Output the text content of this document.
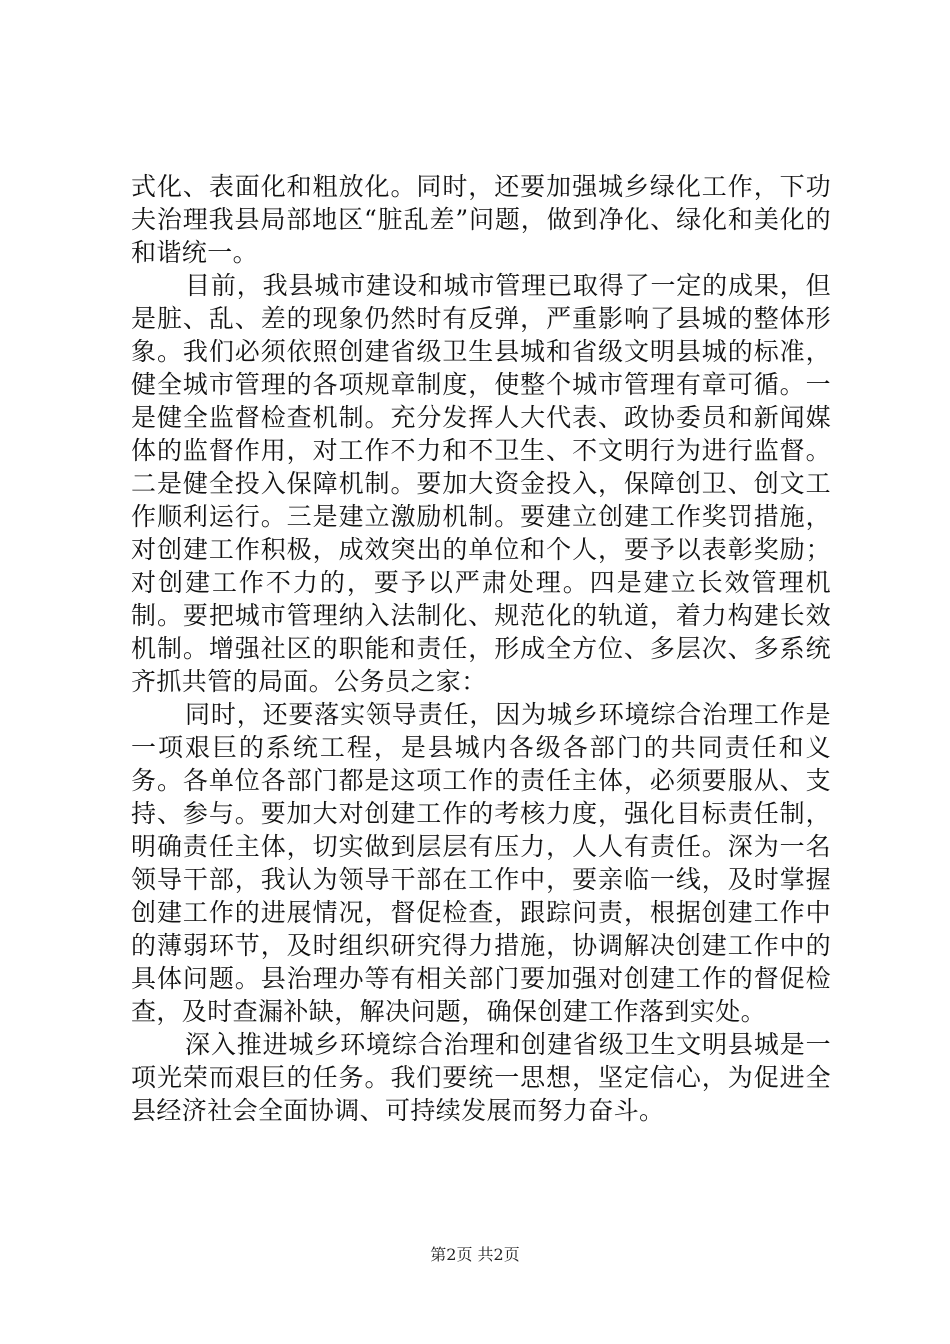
式化、表面化和粗放化。同时，还要加强城乡绿化工作，下功夫治理我县局部地区“脏乱差”问题，做到净化、绿化和美化的和谐统一。

目前，我县城市建设和城市管理已取得了一定的成果，但是脏、乱、差的现象仍然时有反弹，严重影响了县城的整体形象。我们必须依照创建省级卫生县城和省级文明县城的标准，健全城市管理的各项规章制度，使整个城市管理有章可循。一是健全监督检查机制。充分发挥人大代表、政协委员和新闻媒体的监督作用，对工作不力和不卫生、不文明行为进行监督。二是健全投入保障机制。要加大资金投入，保障创卫、创文工作顺利运行。三是建立激励机制。要建立创建工作奖罚措施，对创建工作积极，成效突出的单位和个人，要予以表彰奖励；对创建工作不力的，要予以严肃处理。四是建立长效管理机制。要把城市管理纳入法制化、规范化的轨道，着力构建长效机制。增强社区的职能和责任，形成全方位、多层次、多系统齐抓共管的局面。公务员之家：

同时，还要落实领导责任，因为城乡环境综合治理工作是一项艰巨的系统工程，是县城内各级各部门的共同责任和义务。各单位各部门都是这项工作的责任主体，必须要服从、支持、参与。要加大对创建工作的考核力度，强化目标责任制，明确责任主体，切实做到层层有压力，人人有责任。深为一名领导干部，我认为领导干部在工作中，要亲临一线，及时掌握创建工作的进展情况，督促检查，跟踪问责，根据创建工作中的薄弱环节，及时组织研究得力措施，协调解决创建工作中的具体问题。县治理办等有相关部门要加强对创建工作的督促检查，及时查漏补缺，解决问题，确保创建工作落到实处。

深入推进城乡环境综合治理和创建省级卫生文明县城是一项光荣而艰巨的任务。我们要统一思想，坚定信心，为促进全县经济社会全面协调、可持续发展而努力奋斗。

第2页 共2页
